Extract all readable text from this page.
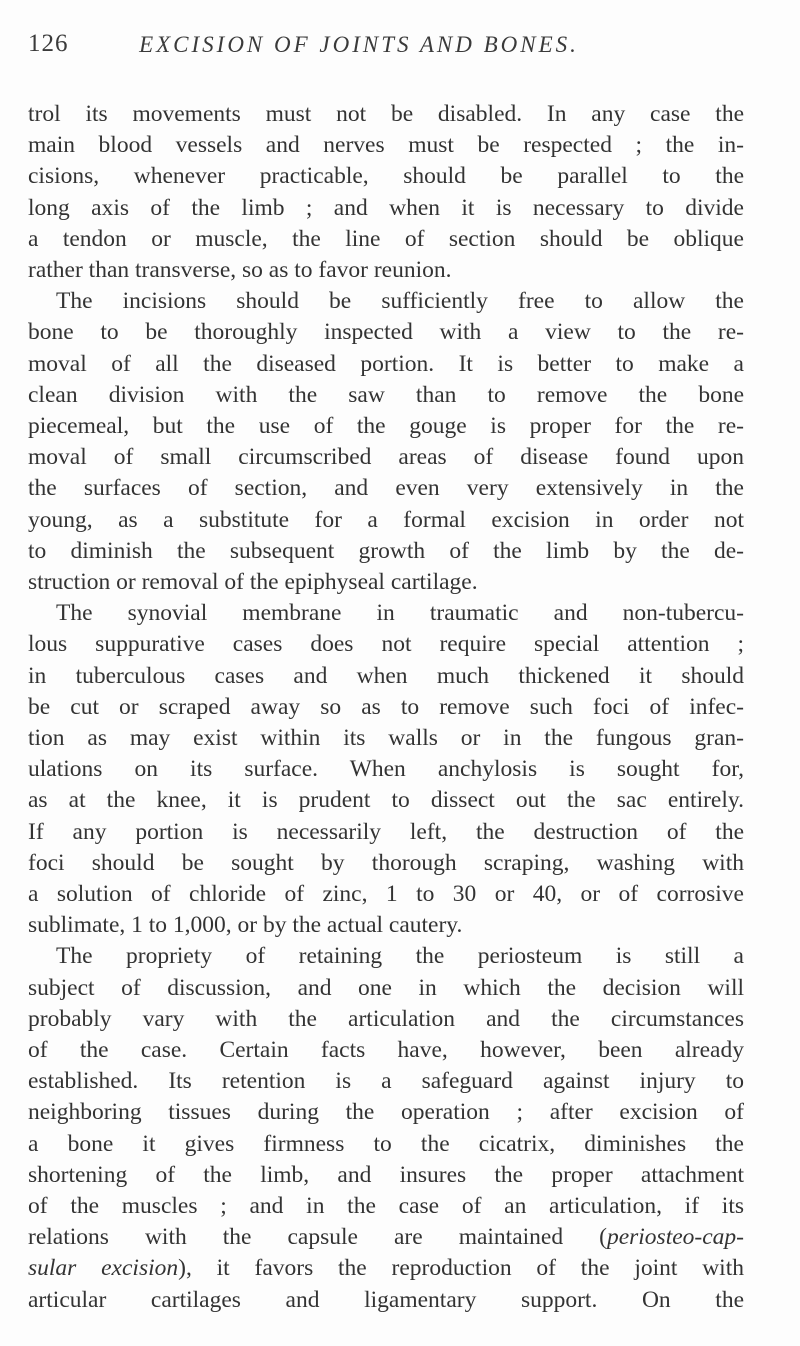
126	EXCISION OF JOINTS AND BONES.
trol its movements must not be disabled. In any case the
main blood vessels and nerves must be respected ; the in-
cisions, whenever practicable, should be parallel to the
long axis of the limb ; and when it is necessary to divide
a tendon or muscle, the line of section should be oblique
rather than transverse, so as to favor reunion.
The incisions should be sufficiently free to allow the
bone to be thoroughly inspected with a view to the re-
moval of all the diseased portion. It is better to make a
clean division with the saw than to remove the bone
piecemeal, but the use of the gouge is proper for the re-
moval of small circumscribed areas of disease found upon
the surfaces of section, and even very extensively in the
young, as a substitute for a formal excision in order not
to diminish the subsequent growth of the limb by the de-
struction or removal of the epiphyseal cartilage.
The synovial membrane in traumatic and non-tubercu-
lous suppurative cases does not require special attention ;
in tuberculous cases and when much thickened it should
be cut or scraped away so as to remove such foci of infec-
tion as may exist within its walls or in the fungous gran-
ulations on its surface. When anchylosis is sought for,
as at the knee, it is prudent to dissect out the sac entirely.
If any portion is necessarily left, the destruction of the
foci should be sought by thorough scraping, washing with
a solution of chloride of zinc, 1 to 30 or 40, or of corrosive
sublimate, 1 to 1,000, or by the actual cautery.
The propriety of retaining the periosteum is still a
subject of discussion, and one in which the decision will
probably vary with the articulation and the circumstances
of the case. Certain facts have, however, been already
established. Its retention is a safeguard against injury to
neighboring tissues during the operation ; after excision of
a bone it gives firmness to the cicatrix, diminishes the
shortening of the limb, and insures the proper attachment
of the muscles ; and in the case of an articulation, if its
relations with the capsule are maintained (periosteo-cap-
sular excision), it favors the reproduction of the joint with
articular cartilages and ligamentary support. On the
